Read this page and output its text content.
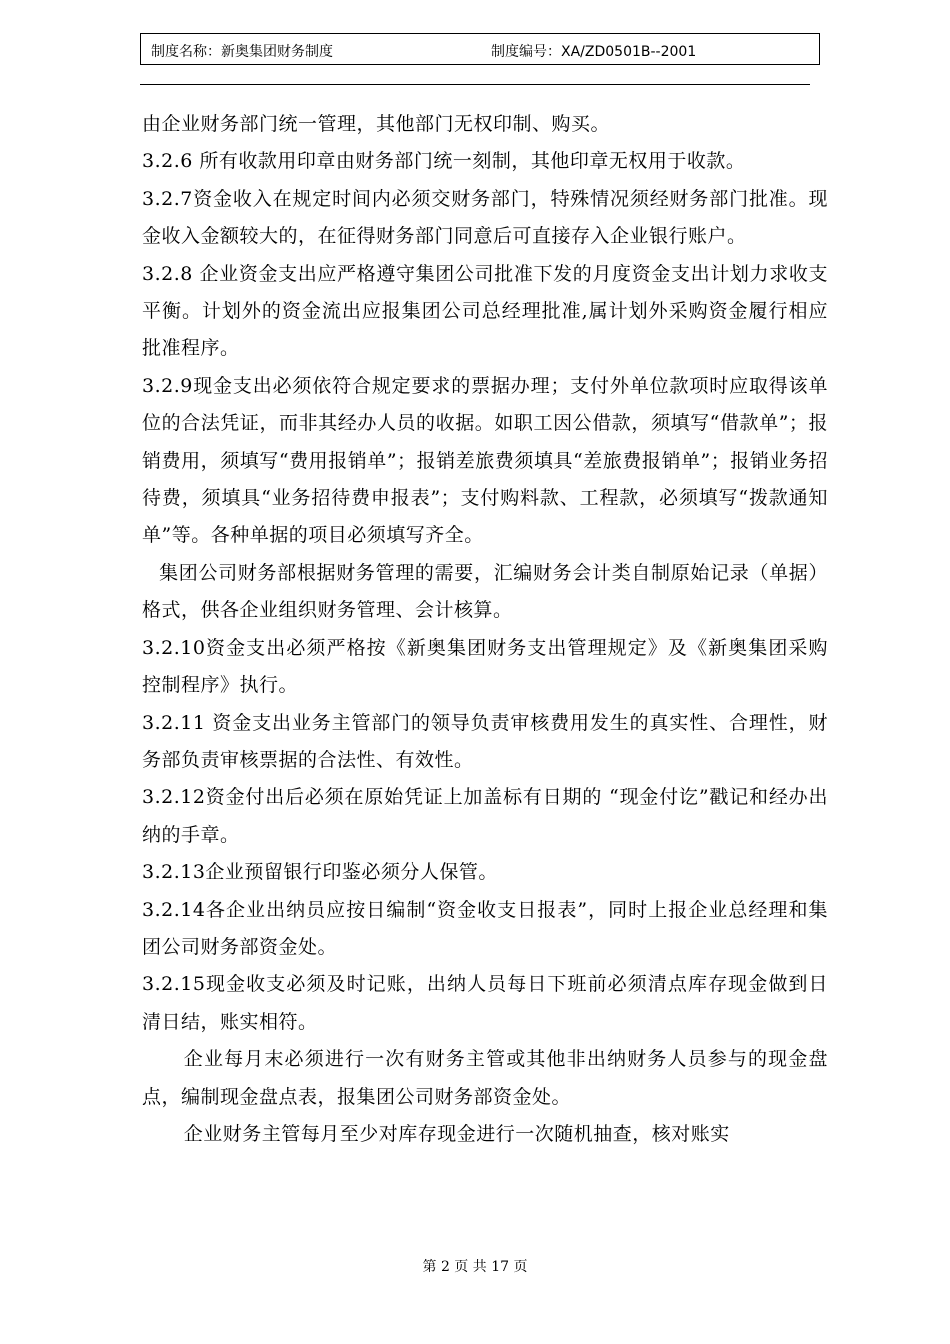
制度名称：新奥集团财务制度	制度编号：XA/ZD0501B--2001

由企业财务部门统一管理，其他部门无权印制、购买。

3.2.6 所有收款用印章由财务部门统一刻制，其他印章无权用于收款。

3.2.7资金收入在规定时间内必须交财务部门，特殊情况须经财务部门批准。现金收入金额较大的，在征得财务部门同意后可直接存入企业银行账户。

3.2.8 企业资金支出应严格遵守集团公司批准下发的月度资金支出计划力求收支平衡。计划外的资金流出应报集团公司总经理批准,属计划外采购资金履行相应批准程序。

3.2.9现金支出必须依符合规定要求的票据办理；支付外单位款项时应取得该单位的合法凭证，而非其经办人员的收据。如职工因公借款，须填写“借款单”；报销费用，须填写“费用报销单”；报销差旅费须填具“差旅费报销单”；报销业务招待费，须填具“业务招待费申报表”；支付购料款、工程款，必须填写“拨款通知单”等。各种单据的项目必须填写齐全。

集团公司财务部根据财务管理的需要，汇编财务会计类自制原始记录（单据）格式，供各企业组织财务管理、会计核算。

3.2.10资金支出必须严格按《新奥集团财务支出管理规定》及《新奥集团采购控制程序》执行。

3.2.11 资金支出业务主管部门的领导负责审核费用发生的真实性、合理性，财务部负责审核票据的合法性、有效性。

3.2.12资金付出后必须在原始凭证上加盖标有日期的 “现金付讫”戳记和经办出纳的手章。

3.2.13企业预留银行印鉴必须分人保管。

3.2.14各企业出纳员应按日编制“资金收支日报表”，同时上报企业总经理和集团公司财务部资金处。

3.2.15现金收支必须及时记账，出纳人员每日下班前必须清点库存现金做到日清日结，账实相符。

企业每月末必须进行一次有财务主管或其他非出纳财务人员参与的现金盘点，编制现金盘点表，报集团公司财务部资金处。

企业财务主管每月至少对库存现金进行一次随机抽查，核对账实

第 2 页 共 17 页
